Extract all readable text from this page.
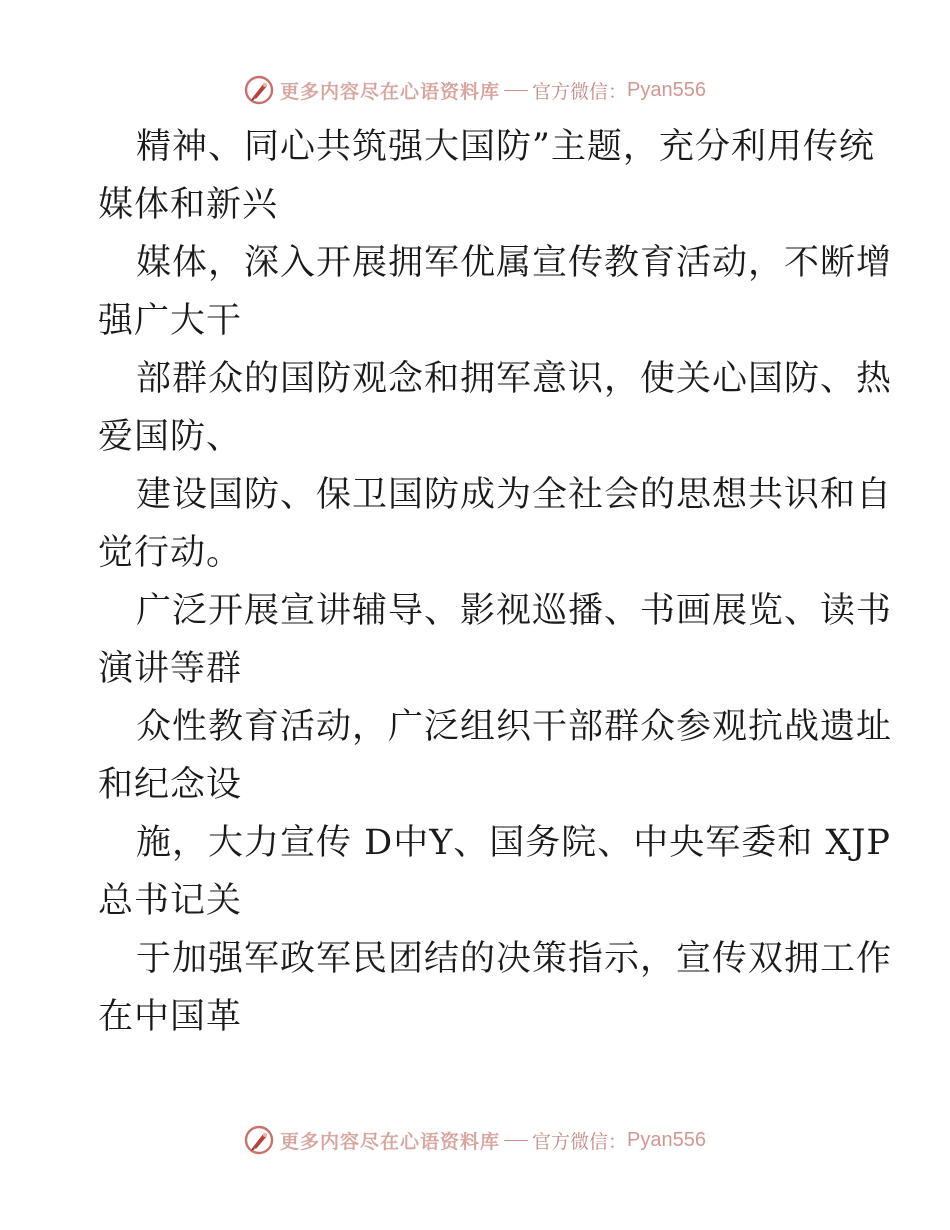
更多内容尽在心语资料库 官方微信： Pyan556

精神、同心共筑强大国防”主题，充分利用传统
媒体和新兴

媒体，深入开展拥军优属宣传教育活动，不断增
强广大干

部群众的国防观念和拥军意识，使关心国防、热
爱国防、

建设国防、保卫国防成为全社会的思想共识和自
觉行动。

广泛开展宣讲辅导、影视巡播、书画展览、读书
演讲等群

众性教育活动，广泛组织干部群众参观抗战遗址
和纪念设

施，大力宣传 D中Y、国务院、中央军委和 XJP
总书记关

于加强军政军民团结的决策指示，宣传双拥工作
在中国革

更多内容尽在心语资料库 官方微信： Pyan556
